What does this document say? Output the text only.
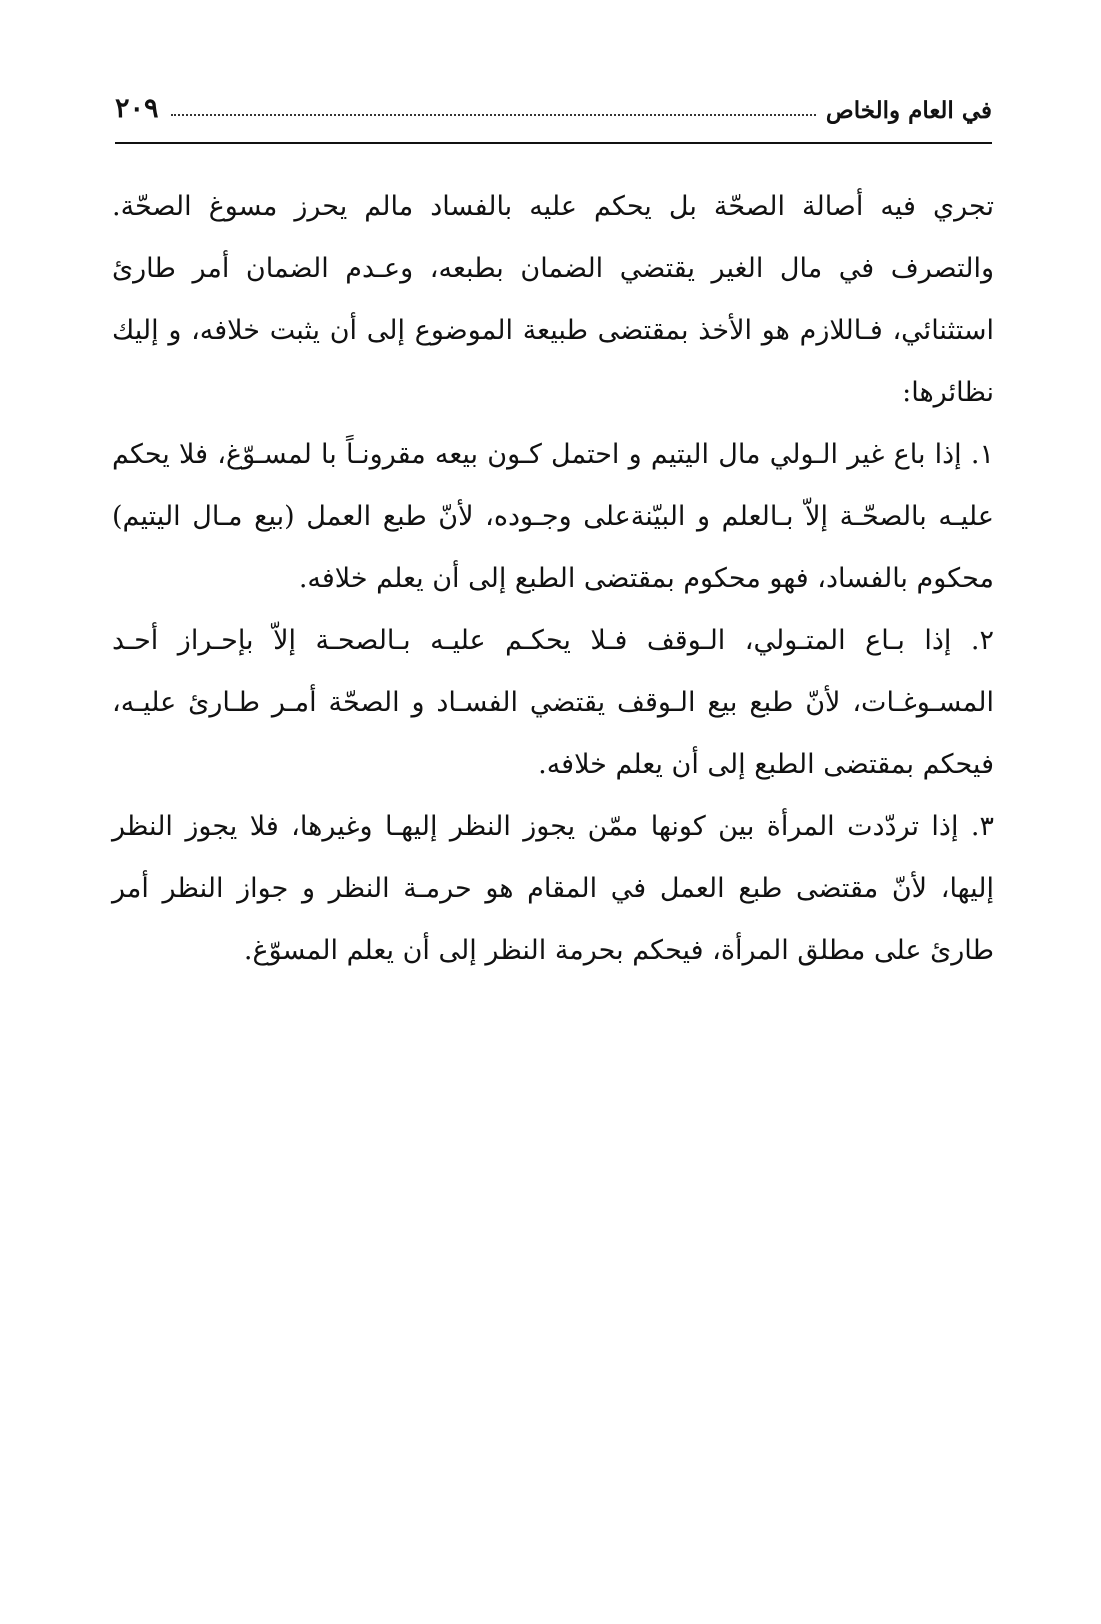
٢٠٩	في العام والخاص

تجري فيه أصالة الصحّة بل يحكم عليه بالفساد مالم يحرز مسوغ الصحّة. والتصرف في مال الغير يقتضي الضمان بطبعه، وعـدم الضمان أمر طارئ استثنائي، فـاللازم هو الأخذ بمقتضى طبيعة الموضوع إلى أن يثبت خلافه، و إليك نظائرها:

١. إذا باع غير الـولي مال اليتيم و احتمل كـون بيعه مقرونـاً با لمسـوّغ، فلا يحكم عليـه بالصحّـة إلاّ بـالعلم و البيّنةعلى وجـوده، لأنّ طبع العمل (بيع مـال اليتيم) محكوم بالفساد، فهو محكوم بمقتضى الطبع إلى أن يعلم خلافه.

٢. إذا بـاع المتـولي، الـوقف فـلا يحكـم عليـه بـالصحـة إلاّ بإحـراز أحـد المسـوغـات، لأنّ طبع بيع الـوقف يقتضي الفسـاد و الصحّة أمـر طـارئ عليـه، فيحكم بمقتضى الطبع إلى أن يعلم خلافه.

٣. إذا تردّدت المرأة بين كونها ممّن يجوز النظر إليهـا وغيرها، فلا يجوز النظر إليها، لأنّ مقتضى طبع العمل في المقام هو حرمـة النظر و جواز النظر أمر طارئ على مطلق المرأة، فيحكم بحرمة النظر إلى أن يعلم المسوّغ.
